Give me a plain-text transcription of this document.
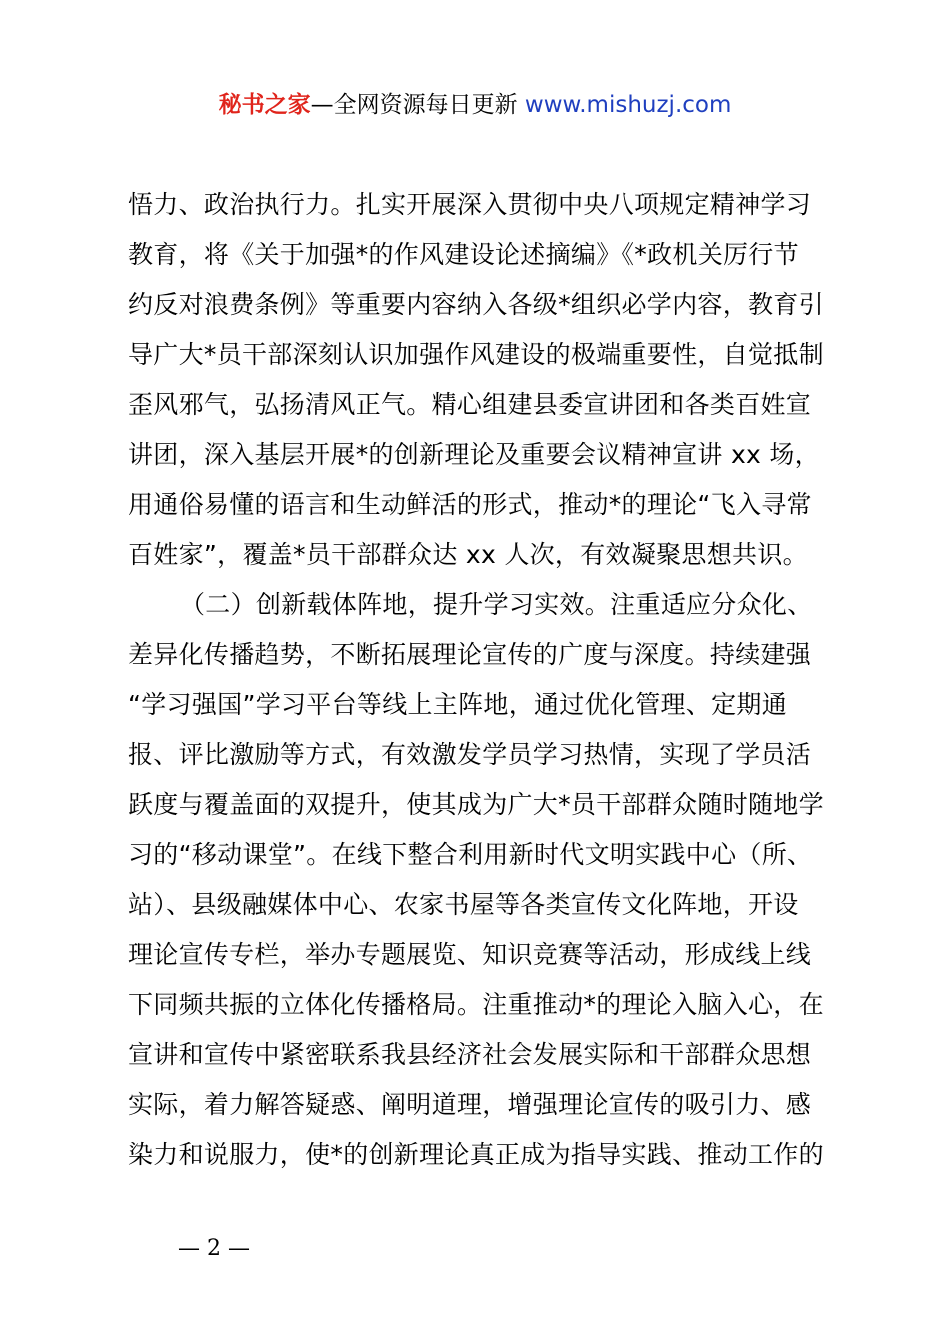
秘书之家—全网资源每日更新 www.mishuzj.com
悟力、政治执行力。扎实开展深入贯彻中央八项规定精神学习
教育，将《关于加强*的作风建设论述摘编》《*政机关厉行节
约反对浪费条例》等重要内容纳入各级*组织必学内容，教育引
导广大*员干部深刻认识加强作风建设的极端重要性，自觉抵制
歪风邪气，弘扬清风正气。精心组建县委宣讲团和各类百姓宣
讲团，深入基层开展*的创新理论及重要会议精神宣讲 xx 场，
用通俗易懂的语言和生动鲜活的形式，推动*的理论“飞入寻常
百姓家”，覆盖*员干部群众达 xx 人次，有效凝聚思想共识。
（二）创新载体阵地，提升学习实效。注重适应分众化、
差异化传播趋势，不断拓展理论宣传的广度与深度。持续建强
“学习强国”学习平台等线上主阵地，通过优化管理、定期通
报、评比激励等方式，有效激发学员学习热情，实现了学员活
跃度与覆盖面的双提升，使其成为广大*员干部群众随时随地学
习的“移动课堂”。在线下整合利用新时代文明实践中心（所、
站）、县级融媒体中心、农家书屋等各类宣传文化阵地，开设
理论宣传专栏，举办专题展览、知识竞赛等活动，形成线上线
下同频共振的立体化传播格局。注重推动*的理论入脑入心，在
宣讲和宣传中紧密联系我县经济社会发展实际和干部群众思想
实际，着力解答疑惑、阐明道理，增强理论宣传的吸引力、感
染力和说服力，使*的创新理论真正成为指导实践、推动工作的
— 2 —
